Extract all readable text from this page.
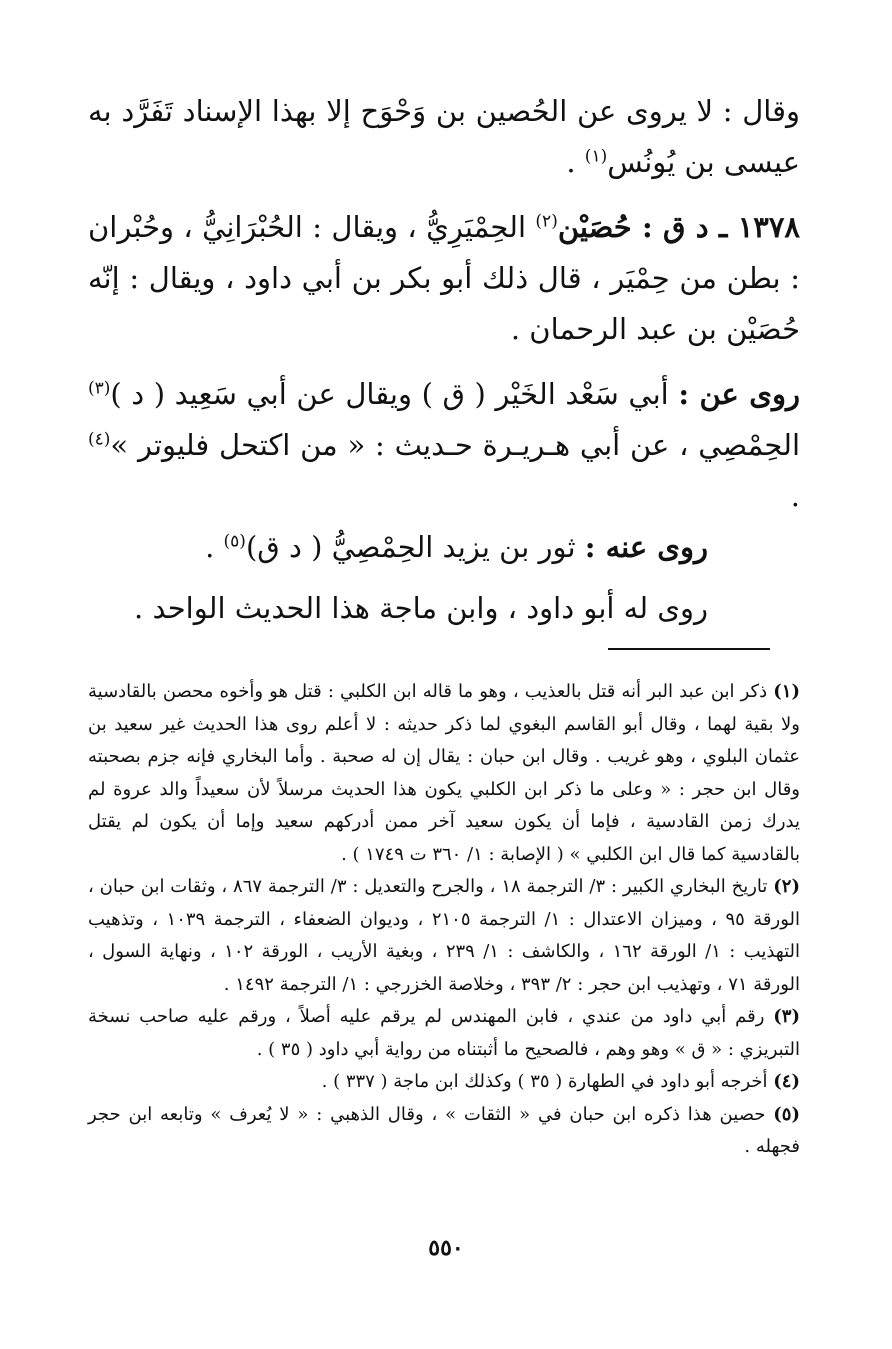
وقال : لا يروى عن الحُصين بن وَحْوَح إلا بهذا الإسناد تَفَرَّد به عيسى بن يُونُس$^{(١)}$ .

١٣٧٨ ـ د ق : حُصَيْن$^{(٢)}$ الحِمْيَرِيُّ ، ويقال : الحُبْرَانِيُّ ، وحُبْران : بطن من حِمْيَر ، قال ذلك أبو بكر بن أبي داود ، ويقال : إنّه حُصَيْن بن عبد الرحمان .

روى عن : أبي سَعْد الخَيْر ( ق ) ويقال عن أبي سَعِيد ( د )$^{(٣)}$ الحِمْصِي ، عن أبي هـريـرة حـديث : « من اكتحل فليوتر »$^{(٤)}$ .

روى عنه : ثور بن يزيد الحِمْصِيُّ ( د ق)$^{(٥)}$ .

روى له أبو داود ، وابن ماجة هذا الحديث الواحد .

(١) ذكر ابن عبد البر أنه قتل بالعذيب ، وهو ما قاله ابن الكلبي : قتل هو وأخوه محصن بالقادسية ولا بقية لهما ، وقال أبو القاسم البغوي لما ذكر حديثه : لا أعلم روى هذا الحديث غير سعيد بن عثمان البلوي ، وهو غريب . وقال ابن حبان : يقال إن له صحبة . وأما البخاري فإنه جزم بصحبته وقال ابن حجر : « وعلى ما ذكر ابن الكلبي يكون هذا الحديث مرسلاً لأن سعيداً والد عروة لم يدرك زمن القادسية ، فإما أن يكون سعيد آخر ممن أدركهم سعيد وإما أن يكون لم يقتل بالقادسية كما قال ابن الكلبي » ( الإصابة : ١/ ٣٦٠ ت ١٧٤٩ ) .

(٢) تاريخ البخاري الكبير : ٣/ الترجمة ١٨ ، والجرح والتعديل : ٣/ الترجمة ٨٦٧ ، وثقات ابن حبان ، الورقة ٩٥ ، وميزان الاعتدال : ١/ الترجمة ٢١٠٥ ، وديوان الضعفاء ، الترجمة ١٠٣٩ ، وتذهيب التهذيب : ١/ الورقة ١٦٢ ، والكاشف : ١/ ٢٣٩ ، وبغية الأريب ، الورقة ١٠٢ ، ونهاية السول ، الورقة ٧١ ، وتهذيب ابن حجر : ٢/ ٣٩٣ ، وخلاصة الخزرجي : ١/ الترجمة ١٤٩٢ .

(٣) رقم أبي داود من عندي ، فابن المهندس لم يرقم عليه أصلاً ، ورقم عليه صاحب نسخة التبريزي : « ق » وهو وهم ، فالصحيح ما أثبتناه من رواية أبي داود ( ٣٥ ) .

(٤) أخرجه أبو داود في الطهارة ( ٣٥ ) وكذلك ابن ماجة ( ٣٣٧ ) .

(٥) حصين هذا ذكره ابن حبان في « الثقات » ، وقال الذهبي : « لا يُعرف » وتابعه ابن حجر فجهله .

٥٥٠
